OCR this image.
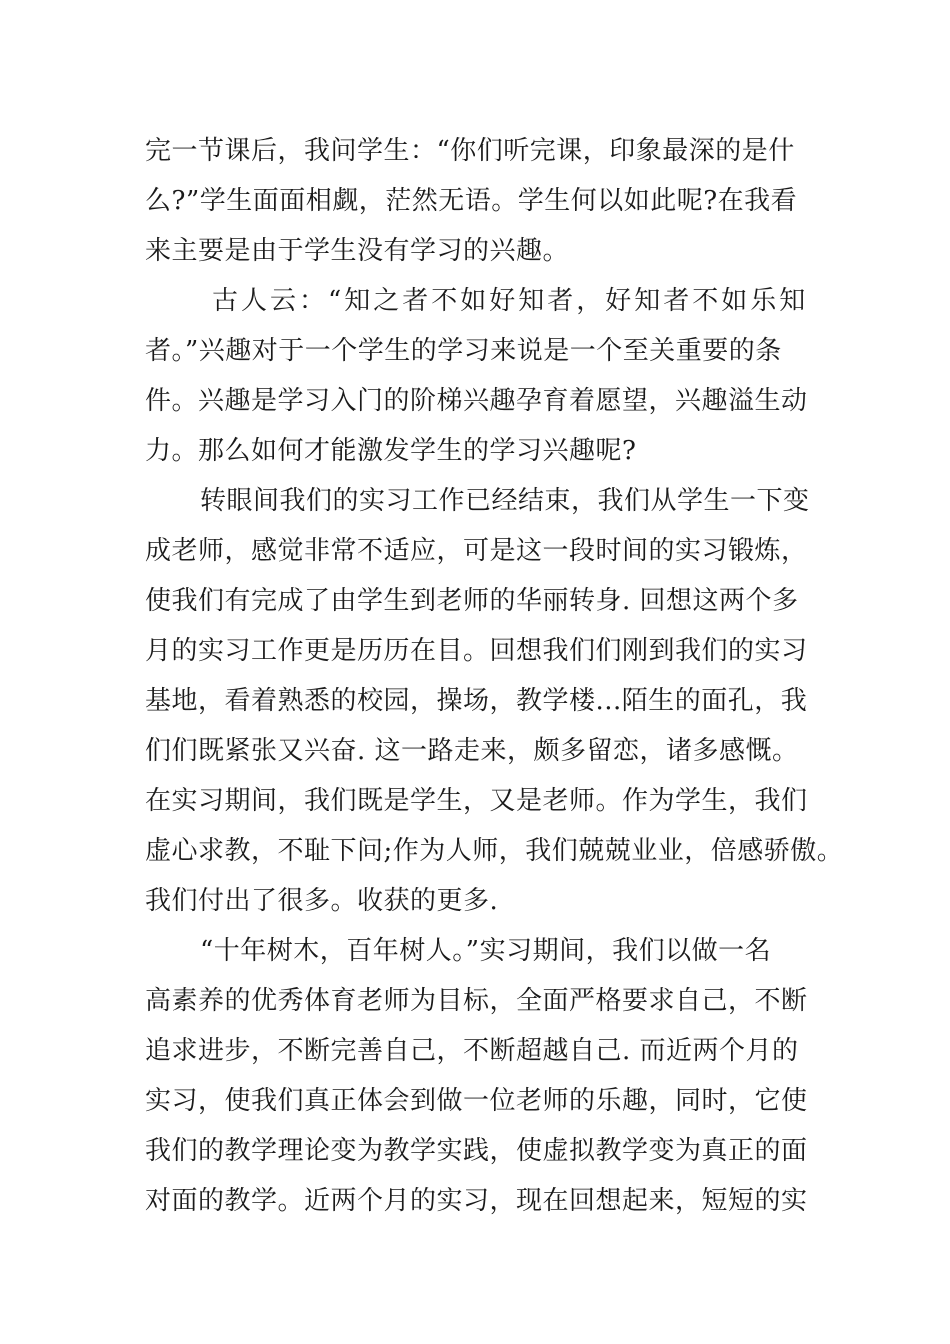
完一节课后，我问学生：“你们听完课，印象最深的是什
么?”学生面面相觑，茫然无语。学生何以如此呢?在我看
来主要是由于学生没有学习的兴趣。
古人云：“知之者不如好知者，好知者不如乐知
者。”兴趣对于一个学生的学习来说是一个至关重要的条
件。兴趣是学习入门的阶梯兴趣孕育着愿望，兴趣溢生动
力。那么如何才能激发学生的学习兴趣呢?
转眼间我们的实习工作已经结束，我们从学生一下变
成老师，感觉非常不适应，可是这一段时间的实习锻炼，
使我们有完成了由学生到老师的华丽转身. 回想这两个多
月的实习工作更是历历在目。回想我们们刚到我们的实习
基地，看着熟悉的校园，操场，教学楼...陌生的面孔，我
们们既紧张又兴奋. 这一路走来，颇多留恋，诸多感慨。
在实习期间，我们既是学生，又是老师。作为学生，我们
虚心求教，不耻下问;作为人师，我们兢兢业业，倍感骄傲。
我们付出了很多。收获的更多.
“十年树木，百年树人。”实习期间，我们以做一名
高素养的优秀体育老师为目标，全面严格要求自己，不断
追求进步，不断完善自己，不断超越自己. 而近两个月的
实习，使我们真正体会到做一位老师的乐趣，同时，它使
我们的教学理论变为教学实践，使虚拟教学变为真正的面
对面的教学。近两个月的实习，现在回想起来，短短的实
